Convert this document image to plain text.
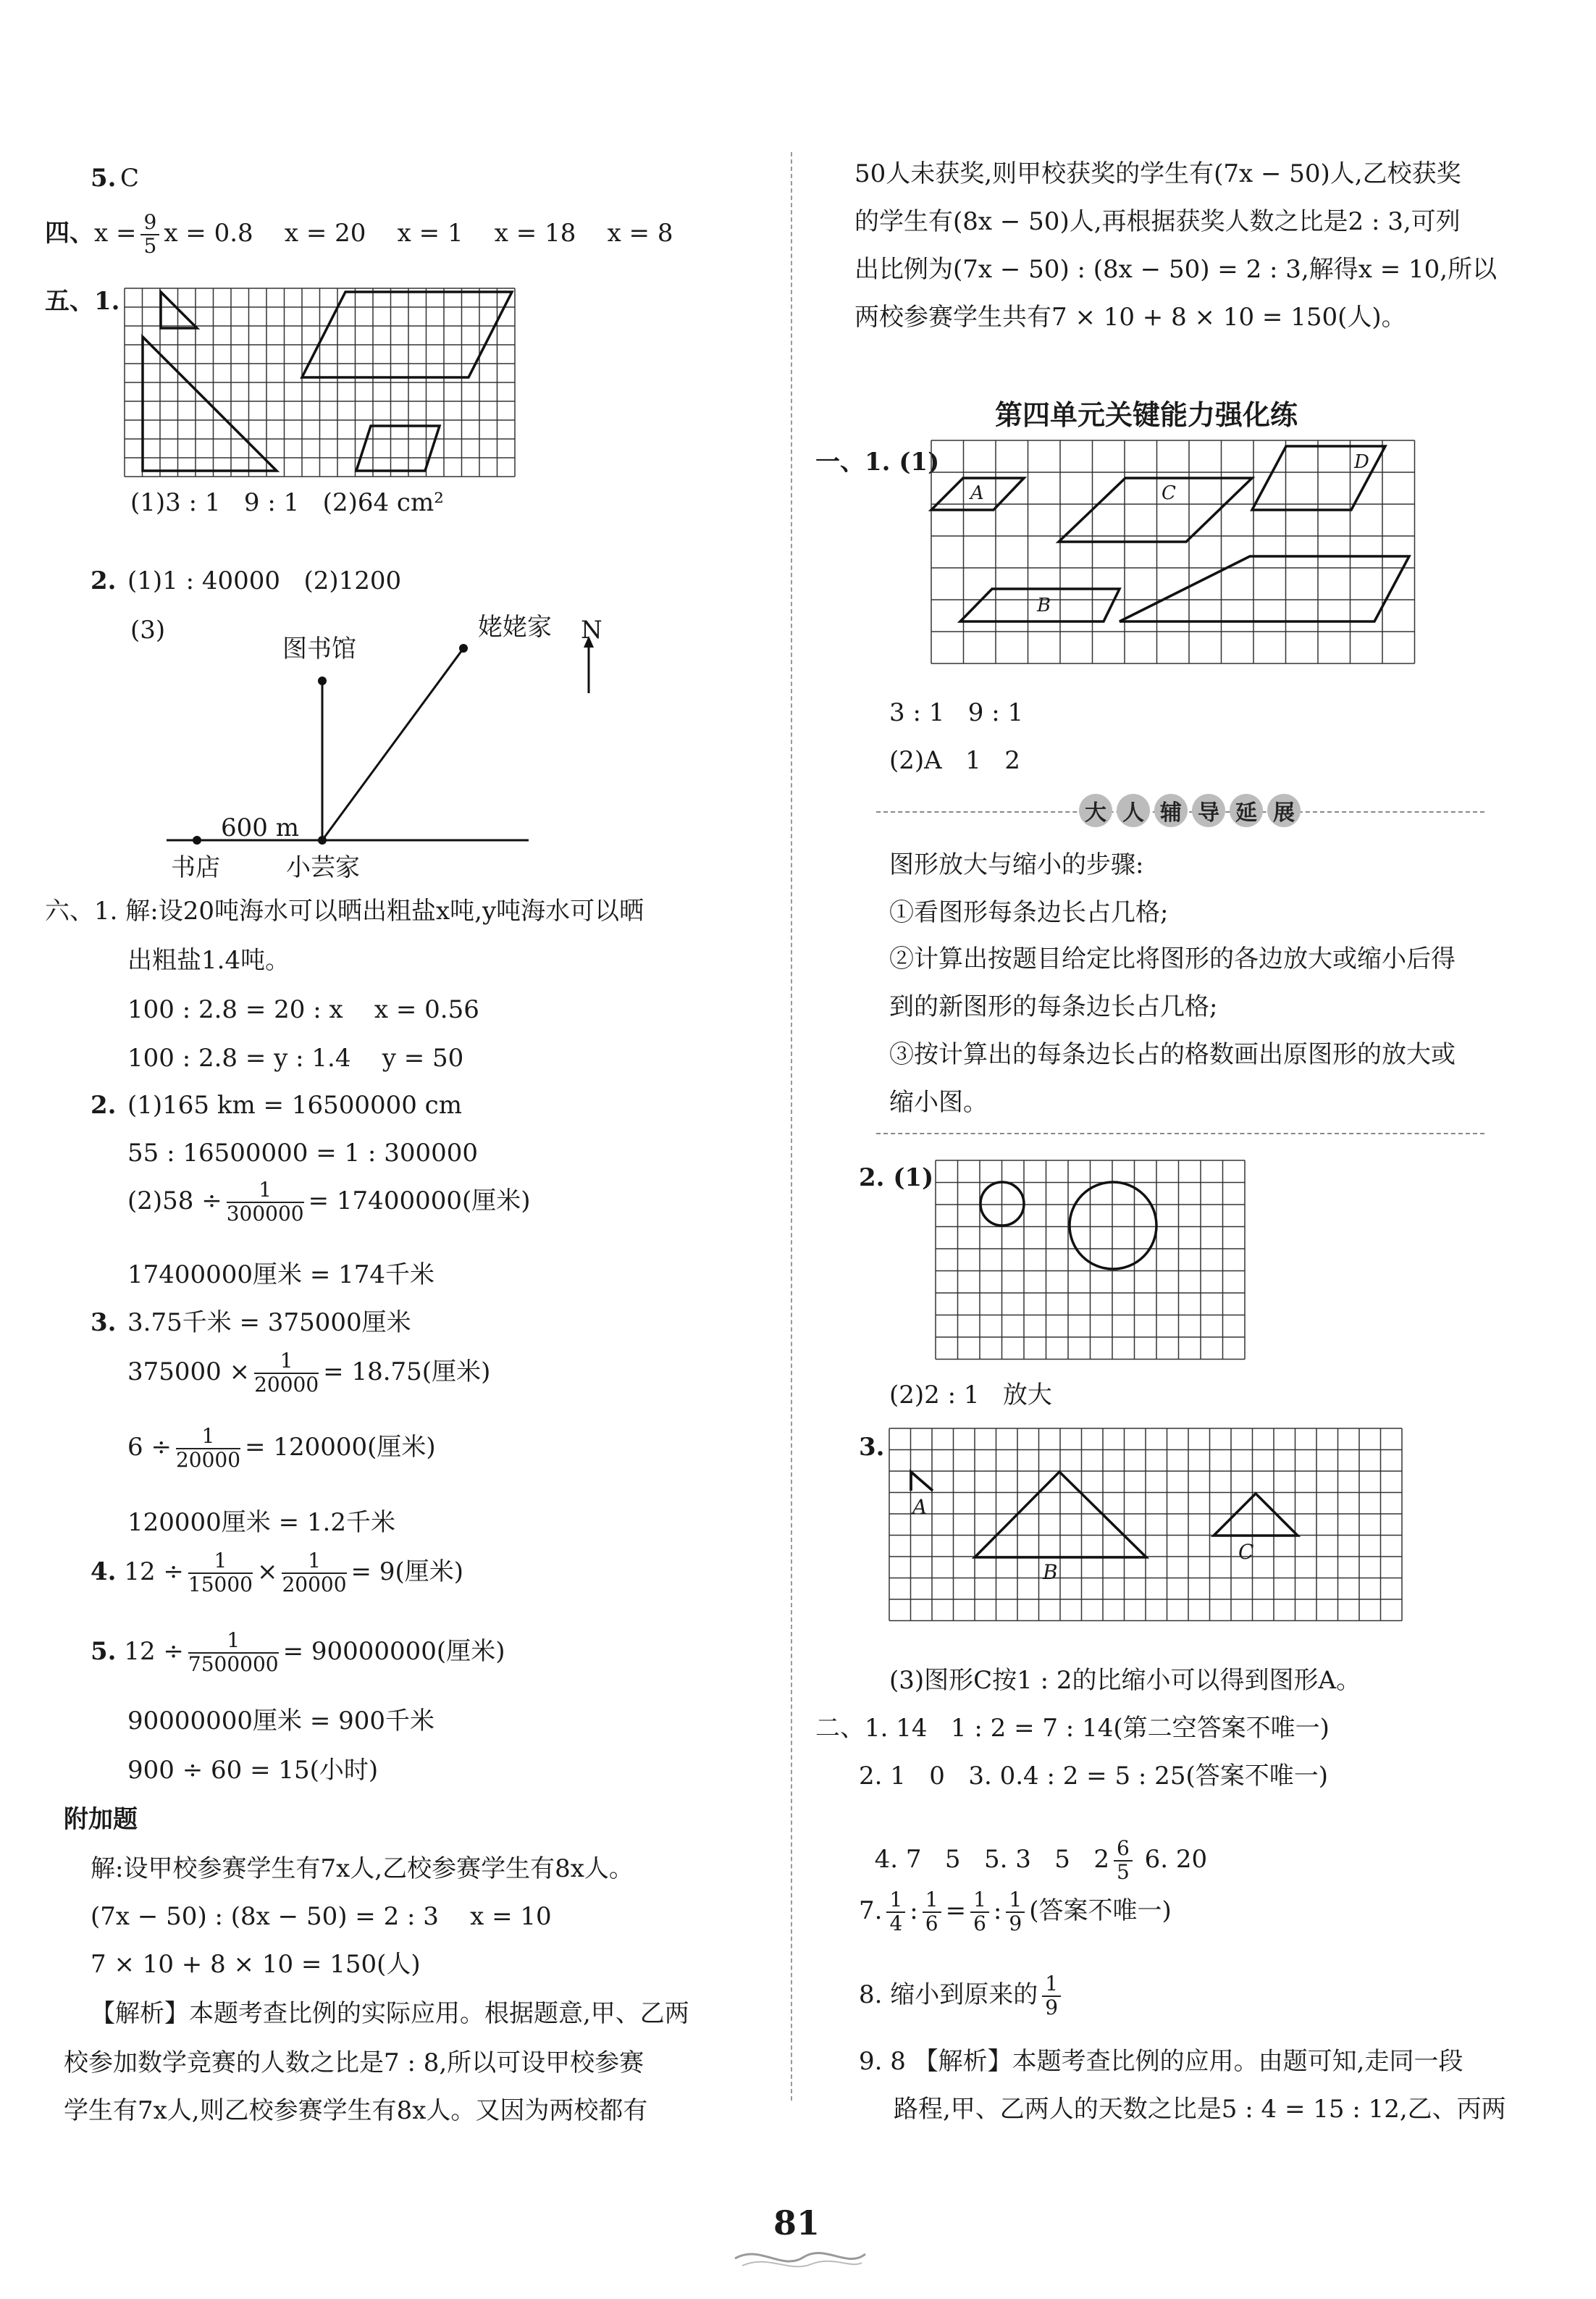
5. C
四、$x = \frac{9}{5}$ x = 0.8    x = 20    x = 1    x = 18    x = 8
五、1.
(1)3 : 1   9 : 1   (2)64 cm²
2. (1)1 : 40000   (2)1200
(3)	姥姥家
图书馆
N
600 m
书店	小芸家
六、1. 解:设20吨海水可以晒出粗盐x吨,y吨海水可以晒
出粗盐1.4吨。
100 : 2.8 = 20 : x    x = 0.56
100 : 2.8 = y : 1.4    y = 50
2. (1)165 km = 16500000 cm
55 : 16500000 = 1 : 300000
$(2)58 \div \frac{1}{300000} = 17400000$(厘米)
17400000厘米 = 174千米
3. 3.75千米 = 375000厘米
$375000 \times \frac{1}{20000} = 18.75$(厘米)
$6 \div \frac{1}{20000} = 120000$(厘米)
120000厘米 = 1.2千米
4. $12 \div \frac{1}{15000} \times \frac{1}{20000} = 9$(厘米)
5. $12 \div \frac{1}{7500000} = 90000000$(厘米)
90000000厘米 = 900千米
900 ÷ 60 = 15(小时)
附加题
解:设甲校参赛学生有7x人,乙校参赛学生有8x人。
(7x − 50) : (8x − 50) = 2 : 3    x = 10
7 × 10 + 8 × 10 = 150(人)
【解析】本题考查比例的实际应用。根据题意,甲、乙两
校参加数学竞赛的人数之比是7 : 8,所以可设甲校参赛
学生有7x人,则乙校参赛学生有8x人。又因为两校都有
50人未获奖,则甲校获奖的学生有(7x − 50)人,乙校获奖
的学生有(8x − 50)人,再根据获奖人数之比是2 : 3,可列
出比例为(7x − 50) : (8x − 50) = 2 : 3,解得x = 10,所以
两校参赛学生共有7 × 10 + 8 × 10 = 150(人)。
第四单元关键能力强化练
一、1. (1)
A	C
D
B
3 : 1   9 : 1
(2)A   1   2
大 人 辅 导 延 展
图形放大与缩小的步骤:
①看图形每条边长占几格;
②计算出按题目给定比将图形的各边放大或缩小后得
到的新图形的每条边长占几格;
③按计算出的每条边长占的格数画出原图形的放大或
缩小图。
2. (1)
(2)2 : 1   放大
3.
A
B
C
(3)图形C按1 : 2的比缩小可以得到图形A。
二、1. 14   1 : 2 = 7 : 14(第二空答案不唯一)
2. 1   0   3. 0.4 : 2 = 5 : 25(答案不唯一)

4. 7   5   5. 3   5   $2 \frac{6}{5} 6$. 20

7. $\frac{1}{4}$ : $\frac{1}{6} = \frac{1}{6}$ : $\frac{1}{9}$ (答案不唯一)
8. 缩小到原来的 $\frac{1}{9}$
9. 8 【解析】本题考查比例的应用。由题可知,走同一段
路程,甲、乙两人的天数之比是5 : 4 = 15 : 12,乙、丙两
81
